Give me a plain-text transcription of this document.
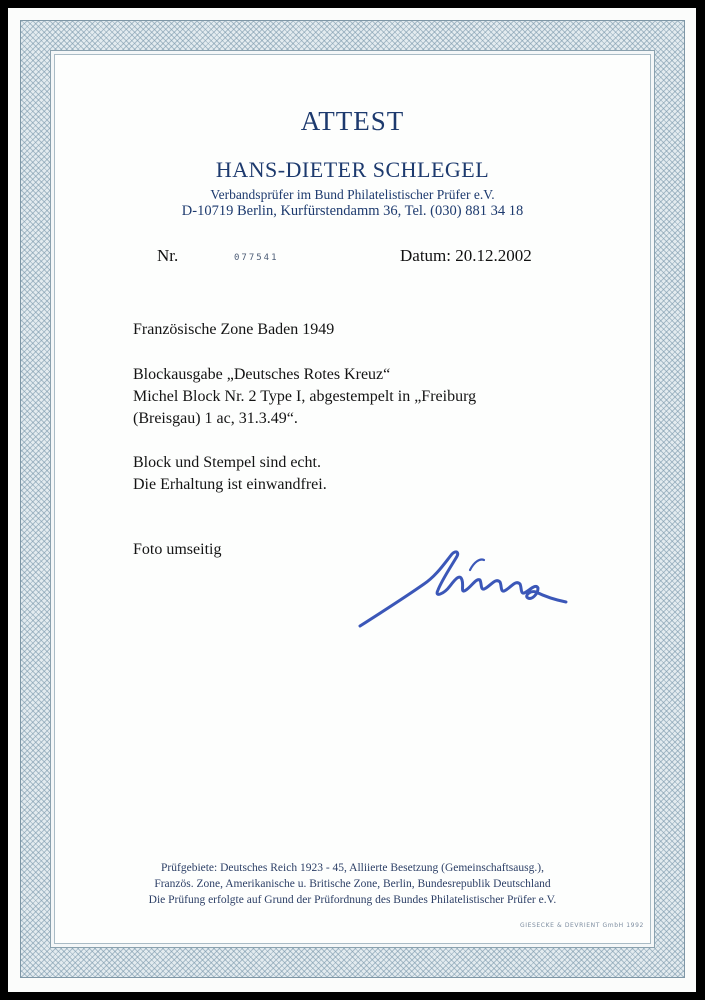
ATTEST
HANS-DIETER SCHLEGEL
Verbandsprüfer im Bund Philatelistischer Prüfer e.V.
D-10719 Berlin, Kurfürstendamm 36, Tel. (030) 881 34 18
Nr.	077541	Datum: 20.12.2002
Französische Zone Baden 1949
Blockausgabe „Deutsches Rotes Kreuz“
Michel Block Nr. 2 Type I, abgestempelt in „Freiburg
(Breisgau) 1 ac, 31.3.49“.
Block und Stempel sind echt.
Die Erhaltung ist einwandfrei.
Foto umseitig
Prüfgebiete: Deutsches Reich 1923 - 45, Alliierte Besetzung (Gemeinschaftsausg.),
Französ. Zone, Amerikanische u. Britische Zone, Berlin, Bundesrepublik Deutschland
Die Prüfung erfolgte auf Grund der Prüfordnung des Bundes Philatelistischer Prüfer e.V.
GIESECKE & DEVRIENT GmbH 1992
